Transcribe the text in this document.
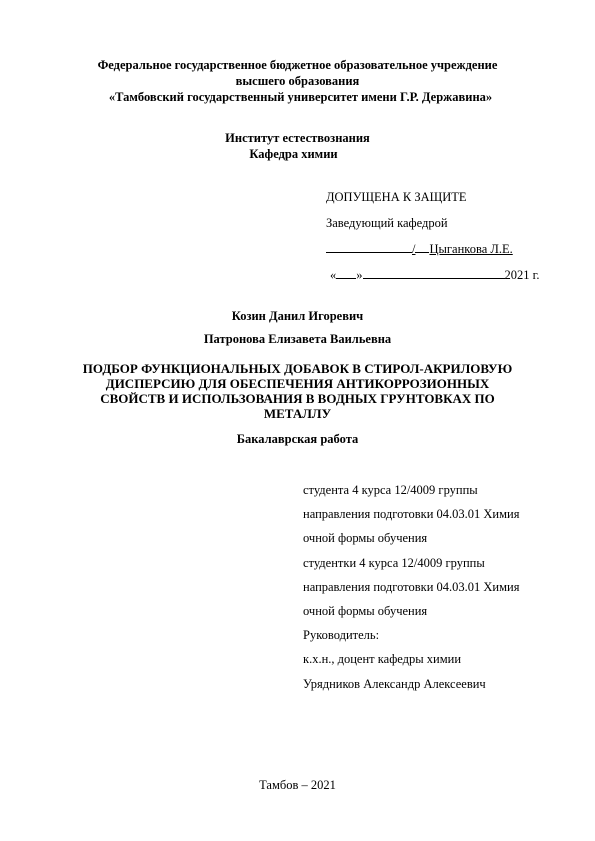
Федеральное государственное бюджетное образовательное учреждение
высшего образования
«Тамбовский государственный университет имени Г.Р. Державина»
Институт естествознания
Кафедра химии
ДОПУЩЕНА К ЗАЩИТЕ
Заведующий кафедрой
/ Цыганкова Л.Е. « »	2021 г.
Козин Данил Игоревич
Патронова Елизавета Ваильевна
ПОДБОР ФУНКЦИОНАЛЬНЫХ ДОБАВОК В СТИРОЛ-АКРИЛОВУЮ
ДИСПЕРСИЮ ДЛЯ ОБЕСПЕЧЕНИЯ АНТИКОРРОЗИОННЫХ
СВОЙСТВ И ИСПОЛЬЗОВАНИЯ В ВОДНЫХ ГРУНТОВКАХ ПО
МЕТАЛЛУ
Бакалаврская работа
студента 4 курса 12/4009 группы
направления подготовки 04.03.01 Химия
очной формы обучения
студентки 4 курса 12/4009 группы
направления подготовки 04.03.01 Химия
очной формы обучения
Руководитель:
к.х.н., доцент кафедры химии
Урядников Александр Алексеевич
Тамбов – 2021
